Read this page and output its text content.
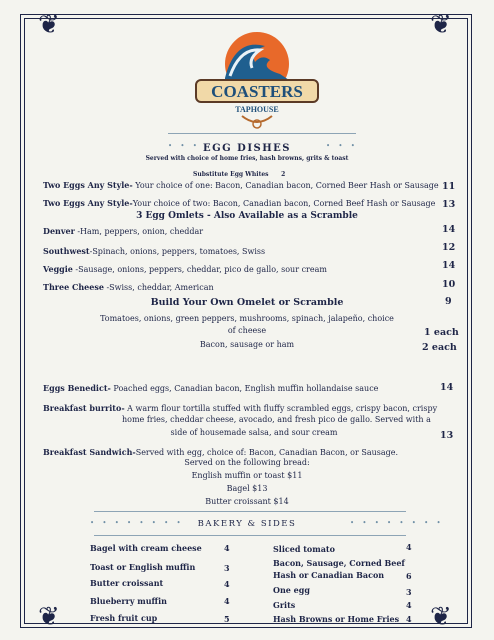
❦	❦
❦	❦
COASTERS
TAPHOUSE
• • •	• • •
EGG DISHES
Served with choice of home fries, hash browns, grits & toast
Substitute Egg Whites 2
Two Eggs Any Style- Your choice of one: Bacon, Canadian bacon, Corned Beer Hash or Sausage 11
Two Eggs Any Style-Your choice of two: Bacon, Canadian bacon, Corned Beef Hash or Sausage 13
3 Egg Omlets - Also Available as a Scramble
Denver -Ham, peppers, onion, cheddar	14
Southwest-Spinach, onions, peppers, tomatoes, Swiss	12
Veggie -Sausage, onions, peppers, cheddar, pico de gallo, sour cream	14
Three Cheese -Swiss, cheddar, American	10
Build Your Own Omelet or Scramble	9
Tomatoes, onions, green peppers, mushrooms, spinach, jalapeño, choice
of cheese	1 each
Bacon, sausage or ham	2 each
Eggs Benedict- Poached eggs, Canadian bacon, English muffin hollandaise sauce	14
Breakfast burrito- A warm flour tortilla stuffed with fluffy scrambled eggs, crispy bacon, crispy
home fries, cheddar cheese, avocado, and fresh pico de gallo. Served with a
side of housemade salsa, and sour cream	13
Breakfast Sandwich-Served with egg, choice of: Bacon, Canadian Bacon, or Sausage.
Served on the following bread:
English muffin or toast $11
Bagel $13
Butter croissant $14
• • • • • • • •	• • • • • • • •
BAKERY & SIDES
Bagel with cream cheese	4
Toast or English muffin	3
Butter croissant	4
Blueberry muffin	4
Fresh fruit cup	5
Sliced tomato	4
Bacon, Sausage, Corned Beef
Hash or Canadian Bacon	6
One egg	3
Grits	4
Hash Browns or Home Fries 4
